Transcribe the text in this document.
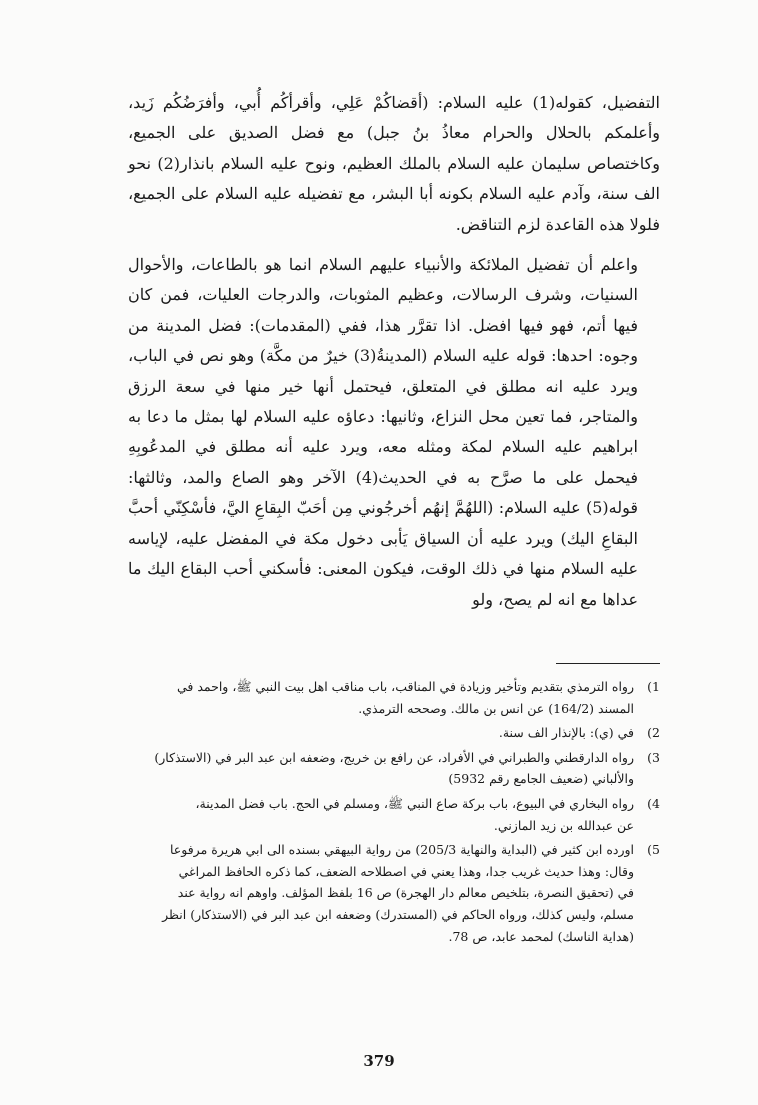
التفضيل، كقوله(1) عليه السلام: (أقضاكُمْ عَلِي، وأقرأكُم أُبي، وأفرَضُكُم زَيد، وأعلمكم بالحلال والحرام معاذُ بنُ جبل) مع فضل الصديق على الجميع، وكاختصاص سليمان عليه السلام بالملك العظيم، ونوح عليه السلام بانذار(2) نحو الف سنة، وآدم عليه السلام بكونه أبا البشر، مع تفضيله عليه السلام على الجميع، فلولا هذه القاعدة لزم التناقض.

واعلم أن تفضيل الملائكة والأنبياء عليهم السلام انما هو بالطاعات، والأحوال السنيات، وشرف الرسالات، وعظيم المثوبات، والدرجات العليات، فمن كان فيها أتم، فهو فيها افضل. اذا تقرَّر هذا، ففي (المقدمات): فضل المدينة من وجوه: احدها: قوله عليه السلام (المدينةُ(3) خيرٌ من مكَّة) وهو نص في الباب، ويرد عليه انه مطلق في المتعلق، فيحتمل أنها خير منها في سعة الرزق والمتاجر، فما تعين محل النزاع، وثانيها: دعاؤه عليه السلام لها بمثل ما دعا به ابراهيم عليه السلام لمكة ومثله معه، ويرد عليه أنه مطلق في المدعُوبِهِ فيحمل على ما صرَّح به في الحديث(4) الآخر وهو الصاع والمد، وثالثها: قوله(5) عليه السلام: (اللهُمَّ إنهُم أخرجُوني مِن أحَبّ البِقاعِ اليَّ، فأسْكِنّي أحبَّ البقاعِ اليك) ويرد عليه أن السياق يَأبى دخول مكة في المفضل عليه، لإياسه عليه السلام منها في ذلك الوقت، فيكون المعنى: فأسكني أحب البقاع اليك ما عداها مع انه لم يصح، ولو

1)
رواه الترمذي بتقديم وتأخير وزيادة في المناقب، باب مناقب اهل بيت النبي ﷺ، واحمد في
المسند (164/2) عن انس بن مالك. وصححه الترمذي.
2)
في (ي): بالإنذار الف سنة.
3)
رواه الدارقطني والطبراني في الأفراد، عن رافع بن خريج، وضعفه ابن عبد البر في (الاستذكار)
والألباني (ضعيف الجامع رقم 5932)
4)
رواه البخاري في البيوع، باب بركة صاع النبي ﷺ، ومسلم في الحج. باب فضل المدينة،
عن عبدالله بن زيد المازني.
5)
اورده ابن كثير في (البداية والنهاية 205/3) من رواية البيهقي بسنده الى ابي هريرة مرفوعا
وقال: وهذا حديث غريب جدا، وهذا يعني في اصطلاحه الضعف، كما ذكره الحافظ المراغي
في (تحقيق النصرة، بتلخيص معالم دار الهجرة) ص 16 بلفظ المؤلف. واوهم انه رواية عند
مسلم، وليس كذلك، ورواه الحاكم في (المستدرك) وضعفه ابن عبد البر في (الاستذكار) انظر
(هداية الناسك) لمحمد عابد، ص 78.
379
